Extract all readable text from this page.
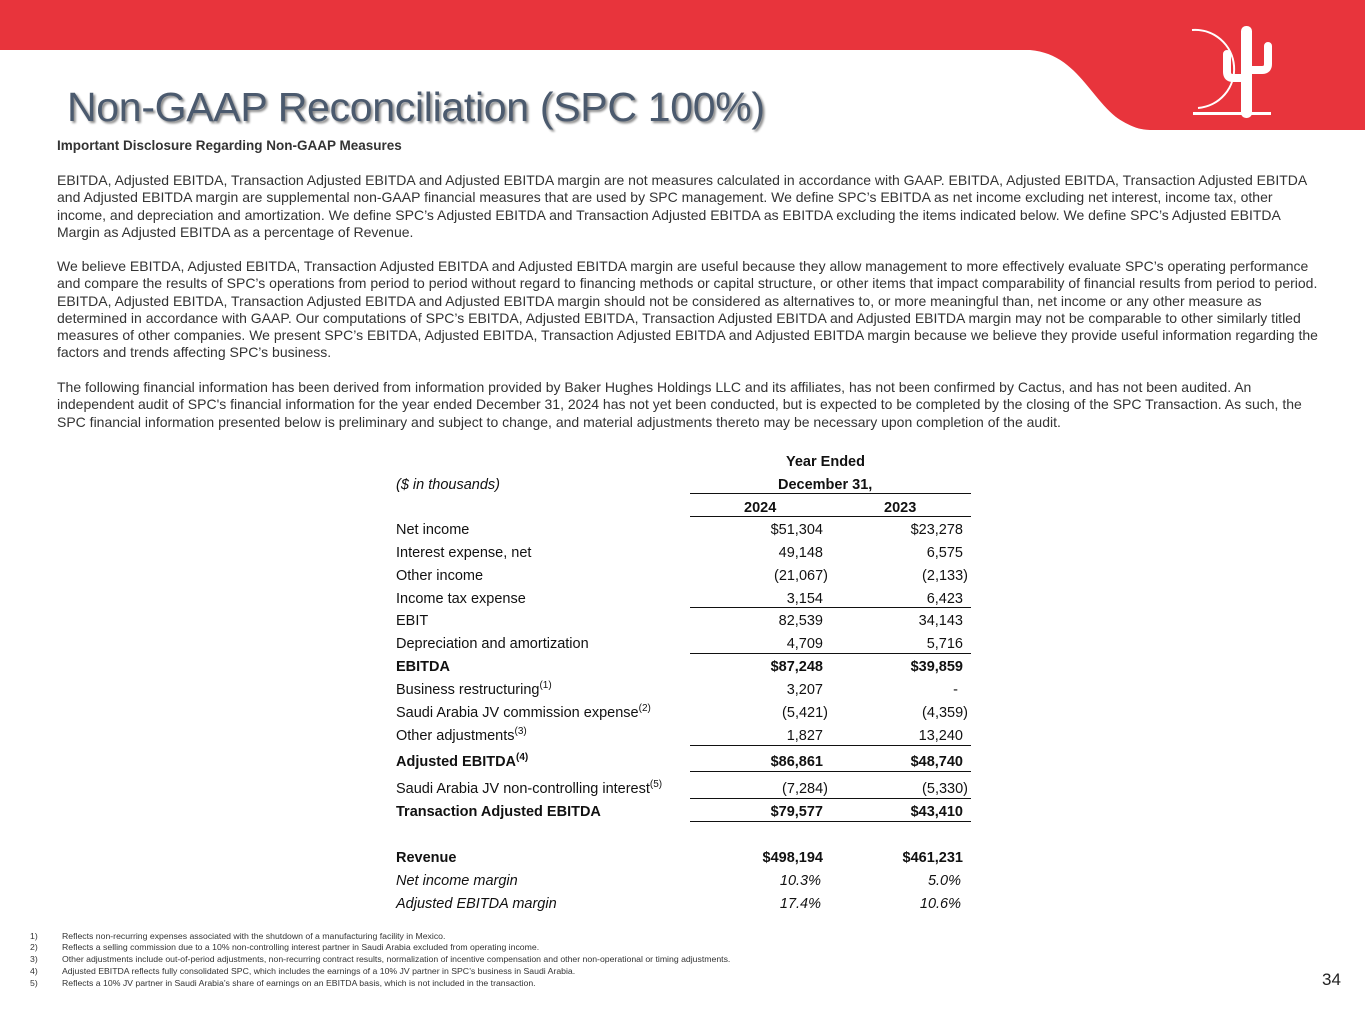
Non-GAAP Reconciliation (SPC 100%)
Important Disclosure Regarding Non-GAAP Measures

EBITDA, Adjusted EBITDA, Transaction Adjusted EBITDA and Adjusted EBITDA margin are not measures calculated in accordance with GAAP. EBITDA, Adjusted EBITDA, Transaction Adjusted EBITDA and Adjusted EBITDA margin are supplemental non-GAAP financial measures that are used by SPC management. We define SPC’s EBITDA as net income excluding net interest, income tax, other income, and depreciation and amortization. We define SPC’s Adjusted EBITDA and Transaction Adjusted EBITDA as EBITDA excluding the items indicated below. We define SPC’s Adjusted EBITDA Margin as Adjusted EBITDA as a percentage of Revenue.

We believe EBITDA, Adjusted EBITDA, Transaction Adjusted EBITDA and Adjusted EBITDA margin are useful because they allow management to more effectively evaluate SPC’s operating performance and compare the results of SPC’s operations from period to period without regard to financing methods or capital structure, or other items that impact comparability of financial results from period to period. EBITDA, Adjusted EBITDA, Transaction Adjusted EBITDA and Adjusted EBITDA margin should not be considered as alternatives to, or more meaningful than, net income or any other measure as determined in accordance with GAAP. Our computations of SPC’s EBITDA, Adjusted EBITDA, Transaction Adjusted EBITDA and Adjusted EBITDA margin may not be comparable to other similarly titled measures of other companies. We present SPC’s EBITDA, Adjusted EBITDA, Transaction Adjusted EBITDA and Adjusted EBITDA margin because we believe they provide useful information regarding the factors and trends affecting SPC’s business.

The following financial information has been derived from information provided by Baker Hughes Holdings LLC and its affiliates, has not been confirmed by Cactus, and has not been audited. An independent audit of SPC's financial information for the year ended December 31, 2024 has not yet been conducted, but is expected to be completed by the closing of the SPC Transaction. As such, the SPC financial information presented below is preliminary and subject to change, and material adjustments thereto may be necessary upon completion of the audit.

Year Ended
($ in thousands)	December 31,
2024	2023
Net income	$51,304	$23,278
Interest expense, net	49,148	6,575
Other income	(21,067)	(2,133)
Income tax expense	3,154	6,423
EBIT	82,539	34,143
Depreciation and amortization	4,709	5,716
EBITDA	$87,248	$39,859
Business restructuring$^{(1)}$	3,207	-
Saudi Arabia JV commission expense$^{(2)}$	(5,421)	(4,359)
Other adjustments$^{(3)}$	1,827	13,240
Adjusted EBITDA$^{(4)}$	$86,861	$48,740
Saudi Arabia JV non-controlling interest$^{(5)}$	(7,284)	(5,330)
Transaction Adjusted EBITDA	$79,577	$43,410
Revenue	$498,194	$461,231
Net income margin	10.3%	5.0%
Adjusted EBITDA margin	17.4%	10.6%
1)	Reflects non-recurring expenses associated with the shutdown of a manufacturing facility in Mexico.
2)	Reflects a selling commission due to a 10% non-controlling interest partner in Saudi Arabia excluded from operating income.
3)	Other adjustments include out-of-period adjustments, non-recurring contract results, normalization of incentive compensation and other non-operational or timing adjustments.
4)	Adjusted EBITDA reflects fully consolidated SPC, which includes the earnings of a 10% JV partner in SPC’s business in Saudi Arabia.
5)	Reflects a 10% JV partner in Saudi Arabia’s share of earnings on an EBITDA basis, which is not included in the transaction.	34
